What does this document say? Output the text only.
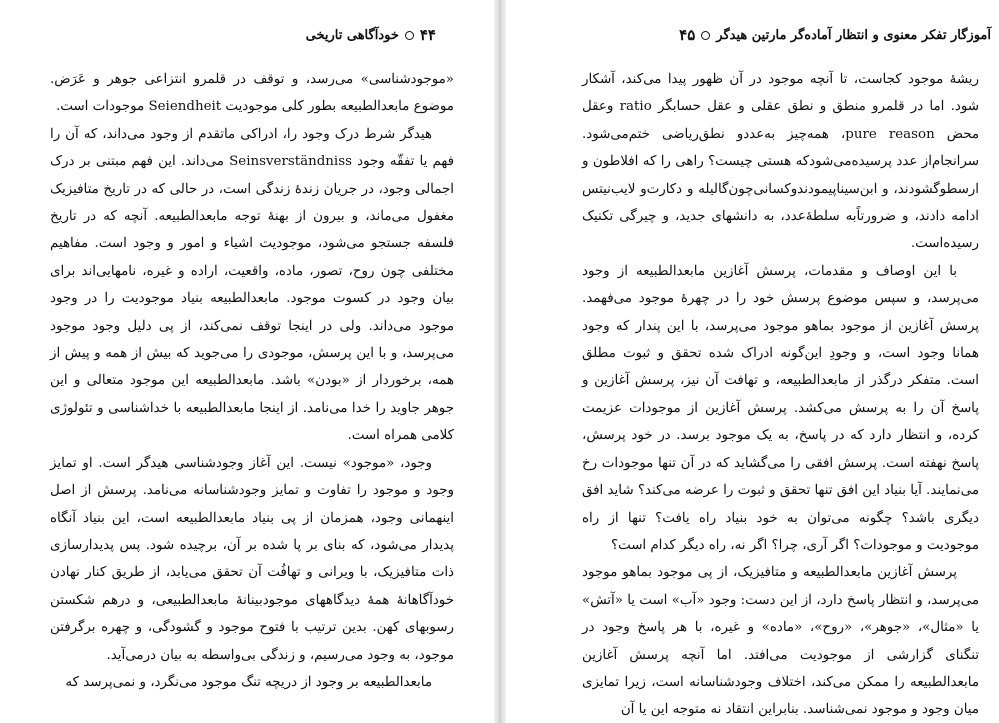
۴۴
خودآگاهی تاریخی

«موجودشناسی» می‌رسد، و توقف در قلمرو انتزاعی جوهر و عَرَض. موضوع مابعدالطبیعه بطور کلی موجودیت Seiendheit موجودات است.

هیدگر شرط درک وجود را، ادراکی ماتقدم از وجود می‌داند، که آن را فهم یا تفقّه وجود Seinsverständniss می‌داند. این فهم مبتنی بر درک اجمالی وجود، در جریان زندهٔ زندگی است، در حالی که در تاریخ متافیزیک مغفول می‌ماند، و بیرون از بهنهٔ توجه مابعدالطبیعه. آنچه که در تاریخ فلسفه جستجو می‌شود، موجودیت اشیاء و امور و وجود است. مفاهیم مختلفی چون روح، تصور، ماده، واقعیت، اراده و غیره، نامهایی‌اند برای بیان وجود در کسوت موجود. مابعدالطبیعه بنیاد موجودیت را در وجود موجود می‌داند. ولی در اینجا توقف نمی‌کند، از پی دلیل وجود موجود می‌پرسد، و با این پرسش، موجودی را می‌جوید که بیش از همه و پیش از همه، برخوردار از «بودن» باشد. مابعدالطبیعه این موجود متعالی و این جوهر جاوید را خدا می‌نامد. از اینجا مابعدالطبیعه با خداشناسی و تئولوژی کلامی همراه است.

وجود، «موجود» نیست. این آغاز وجودشناسی هیدگر است. او تمایز وجود و موجود را تفاوت و تمایز وجودشناسانه می‌نامد. پرسش از اصل اینهمانی وجود، همزمان از پی بنیاد مابعدالطبیعه است، این بنیاد آنگاه پدیدار می‌شود، که بنای بر پا شده بر آن، برچیده شود. پس پدیدارسازی ذات متافیزیک، با ویرانی و تهافُت آن تحقق می‌یابد، از طریق کنار نهادن خودآگاهانهٔ همهٔ دیدگاههای موجودبینانهٔ مابعدالطبیعی، و درهم شکستن رسوبهای کهن. بدین ترتیب با فتوح موجود و گشودگی، و چهره برگرفتن موجود، به وجود می‌رسیم، و زندگی بی‌واسطه به بیان درمی‌آید.

مابعدالطبیعه بر وجود از دریچه تنگ موجود می‌نگرد، و نمی‌پرسد که

آموزگار تفکر معنوی و انتظار آماده‌گر مارتین هیدگر
۴۵

ریشهٔ موجود کجاست، تا آنچه موجود در آن ظهور پیدا می‌کند، آشکار شود. اما در قلمرو منطق و نطق عقلی و عقل حسابگر ratio وعقل محض pure reason، همه‌چیز به‌عددو نطق‌ریاضی ختم‌می‌شود. سرانجام‌از عدد پرسیده‌می‌شودکه هستی چیست؟ راهی را که افلاطون و ارسطوگشودند، و ابن‌سیناپیمودندوکسانی‌چون‌گالیله و دکارت‌و لایب‌نیتس ادامه دادند، و ضرورتاًبه سلطهٔ‌عدد، به دانشهای جدید، و چیرگی تکنیک رسیده‌است.

با این اوصاف و مقدمات، پرسش آغازین مابعدالطبیعه از وجود می‌پرسد، و سپس موضوع پرسش خود را در چهرهٔ موجود می‌فهمد. پرسش آغازین از موجود بماهو موجود می‌پرسد، با این پندار که وجود همانا وجود است، و وجودِ این‌گونه ادراک شده تحقق و ثبوت مطلق است. متفکر درگذر از مابعدالطبیعه، و تهافت آن نیز، پرسش آغازین و پاسخ آن را به پرسش می‌کشد. پرسش آغازین از موجودات عزیمت کرده، و انتظار دارد که در پاسخ، به یک موجود برسد. در خود پرسش، پاسخ نهفته است. پرسش افقی را می‌گشاید که در آن تنها موجودات رخ می‌نمایند. آیا بنیاد این افق تنها تحقق و ثبوت را عرضه می‌کند؟ شاید افق دیگری باشد؟ چگونه می‌توان به خود بنیاد راه یافت؟ تنها از راه موجودیت و موجودات؟ اگر آری، چرا؟ اگر نه، راه دیگر کدام است؟

پرسش آغازین مابعدالطبیعه و متافیزیک، از پی موجود بماهو موجود می‌پرسد، و انتظار پاسخ دارد، از این دست: وجود «آب» است یا «آتش» یا «مثال»، «جوهر»، «روح»، «ماده» و غیره، با هر پاسخ وجود در تنگنای گزارشی از موجودیت می‌افتد. اما آنچه پرسش آغازین مابعدالطبیعه را ممکن می‌کند، اختلاف وجودشناسانه است، زیرا تمایزی میان وجود و موجود نمی‌شناسد. بنابراین انتقاد نه متوجه این یا آن
